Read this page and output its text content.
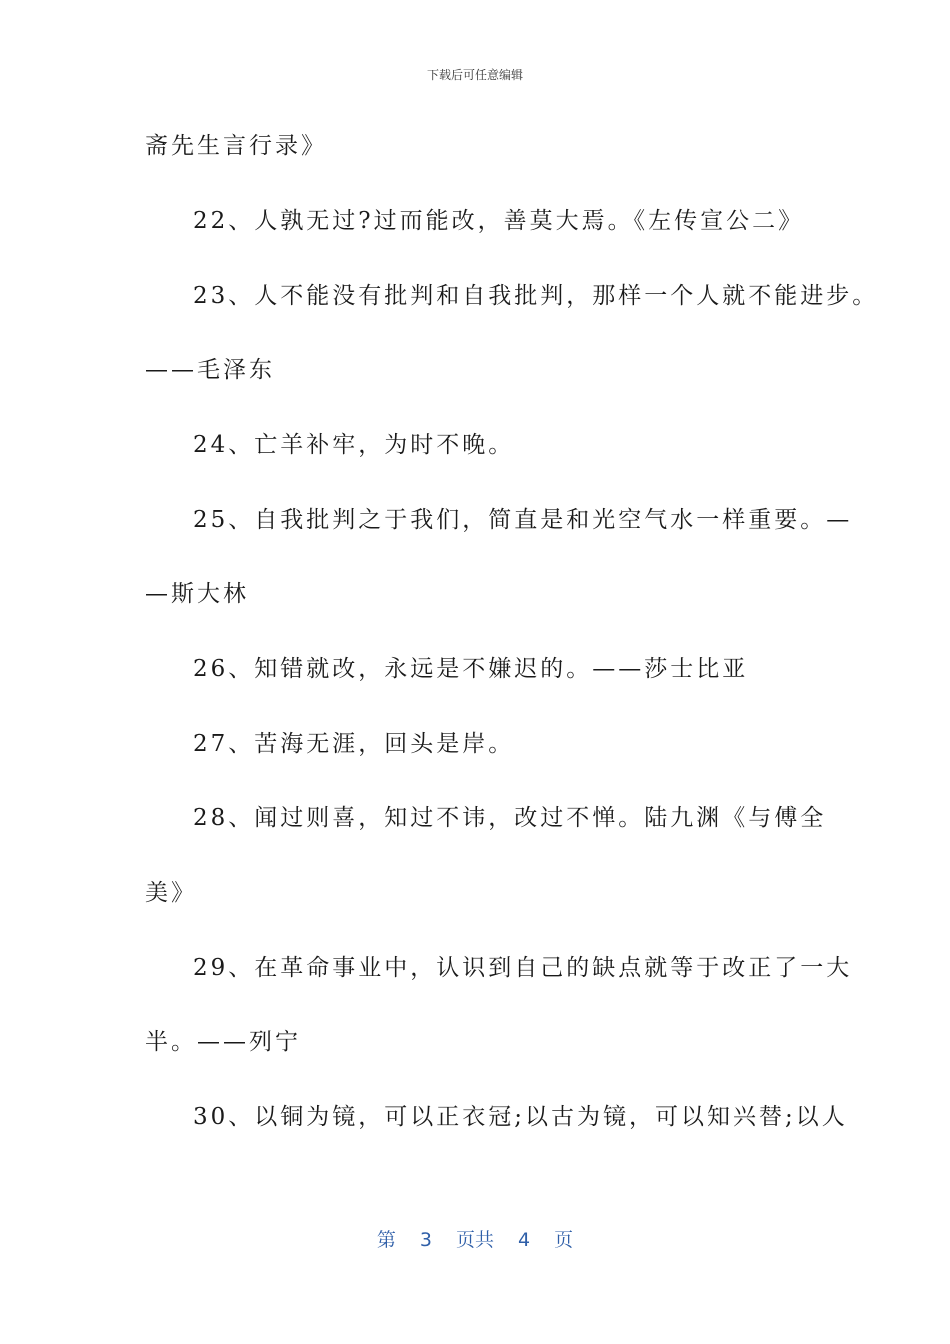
下载后可任意编辑
斋先生言行录》
22、人孰无过?过而能改，善莫大焉。《左传宣公二》
23、人不能没有批判和自我批判，那样一个人就不能进步。
——毛泽东
24、亡羊补牢，为时不晚。
25、自我批判之于我们，简直是和光空气水一样重要。—
—斯大林
26、知错就改，永远是不嫌迟的。——莎士比亚
27、苦海无涯，回头是岸。
28、闻过则喜，知过不讳，改过不惮。陆九渊《与傅全
美》
29、在革命事业中，认识到自己的缺点就等于改正了一大
半。——列宁
30、以铜为镜，可以正衣冠;以古为镜，可以知兴替;以人
第 3 页共 4 页
